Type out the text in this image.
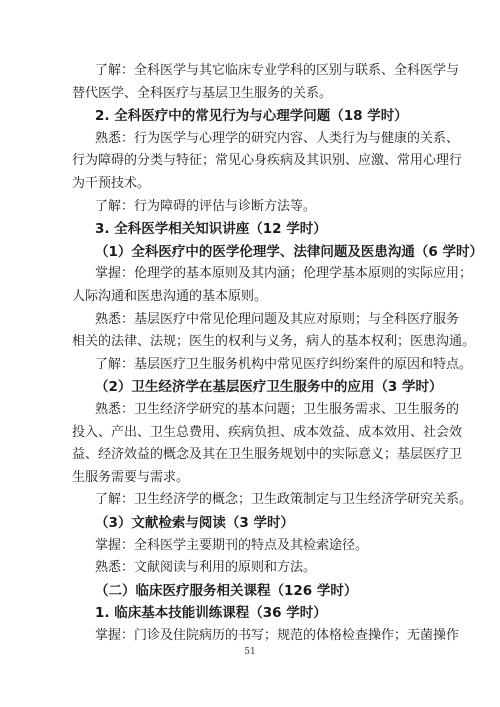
51
了解：全科医学与其它临床专业学科的区别与联系、全科医学与
替代医学、全科医疗与基层卫生服务的关系。
2. 全科医疗中的常见行为与心理学问题（18 学时）
熟悉：行为医学与心理学的研究内容、人类行为与健康的关系、
行为障碍的分类与特征；常见心身疾病及其识别、应激、常用心理行
为干预技术。
了解：行为障碍的评估与诊断方法等。
3. 全科医学相关知识讲座（12 学时）
（1）全科医疗中的医学伦理学、法律问题及医患沟通（6 学时）
掌握：伦理学的基本原则及其内涵；伦理学基本原则的实际应用；
人际沟通和医患沟通的基本原则。
熟悉：基层医疗中常见伦理问题及其应对原则；与全科医疗服务
相关的法律、法规；医生的权利与义务，病人的基本权利；医患沟通。
了解：基层医疗卫生服务机构中常见医疗纠纷案件的原因和特点。
（2）卫生经济学在基层医疗卫生服务中的应用（3 学时）
熟悉：卫生经济学研究的基本问题；卫生服务需求、卫生服务的
投入、产出、卫生总费用、疾病负担、成本效益、成本效用、社会效
益、经济效益的概念及其在卫生服务规划中的实际意义；基层医疗卫
生服务需要与需求。
了解：卫生经济学的概念；卫生政策制定与卫生经济学研究关系。
（3）文献检索与阅读（3 学时）
掌握：全科医学主要期刊的特点及其检索途径。
熟悉：文献阅读与利用的原则和方法。
（二）临床医疗服务相关课程（126 学时）
1. 临床基本技能训练课程（36 学时）
掌握：门诊及住院病历的书写；规范的体格检查操作；无菌操作
